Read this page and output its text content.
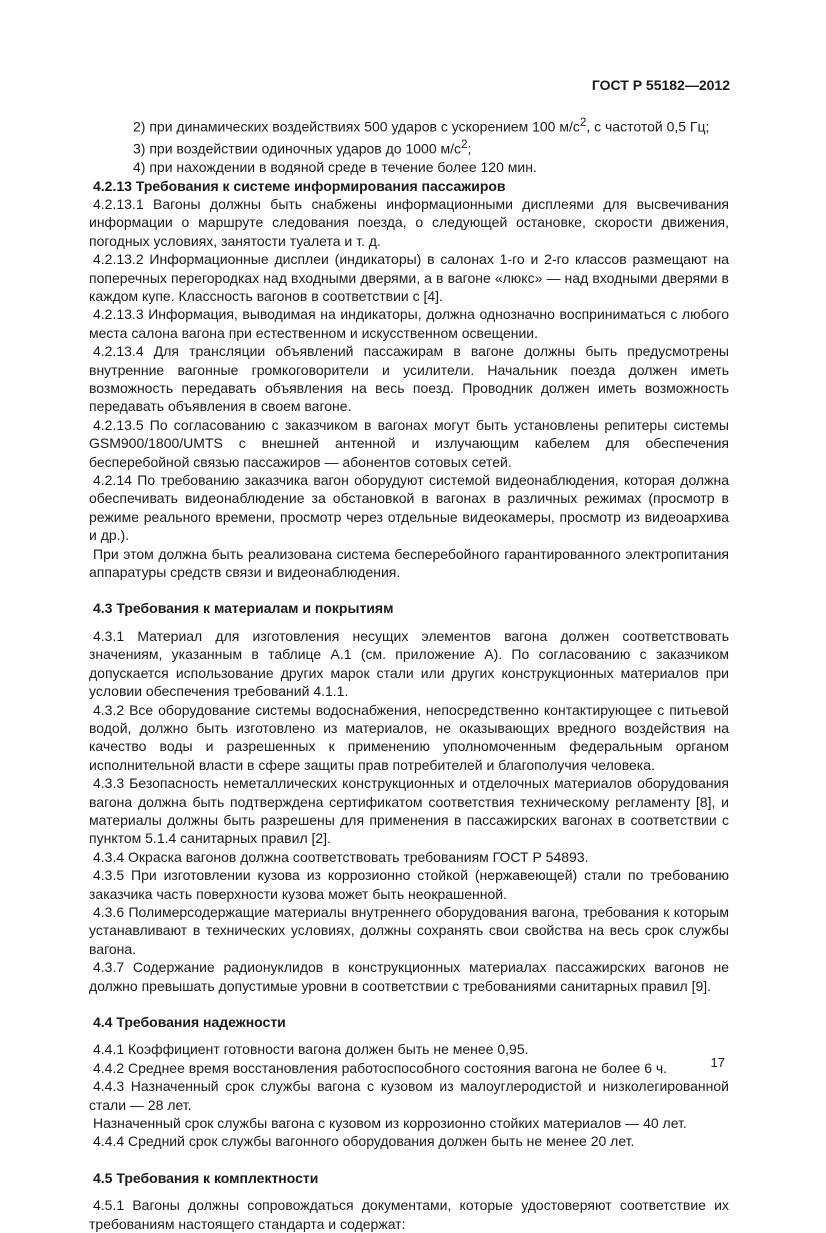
ГОСТ Р 55182—2012

2) при динамических воздействиях 500 ударов с ускорением 100 $м/с^2$, с частотой 0,5 Гц;

3) при воздействии одиночных ударов до 1000 $м/с^2$;

4) при нахождении в водяной среде в течение более 120 мин.

4.2.13 Требования к системе информирования пассажиров

4.2.13.1 Вагоны должны быть снабжены информационными дисплеями для высвечивания информации о маршруте следования поезда, о следующей остановке, скорости движения, погодных условиях, занятости туалета и т. д.

4.2.13.2 Информационные дисплеи (индикаторы) в салонах 1-го и 2-го классов размещают на поперечных перегородках над входными дверями, а в вагоне «люкс» — над входными дверями в каждом купе. Классность вагонов в соответствии с [4].

4.2.13.3 Информация, выводимая на индикаторы, должна однозначно восприниматься с любого места салона вагона при естественном и искусственном освещении.

4.2.13.4 Для трансляции объявлений пассажирам в вагоне должны быть предусмотрены внутренние вагонные громкоговорители и усилители. Начальник поезда должен иметь возможность передавать объявления на весь поезд. Проводник должен иметь возможность передавать объявления в своем вагоне.

4.2.13.5 По согласованию с заказчиком в вагонах могут быть установлены репитеры системы GSM900/1800/UMTS с внешней антенной и излучающим кабелем для обеспечения бесперебойной связью пассажиров — абонентов сотовых сетей.

4.2.14 По требованию заказчика вагон оборудуют системой видеонаблюдения, которая должна обеспечивать видеонаблюдение за обстановкой в вагонах в различных режимах (просмотр в режиме реального времени, просмотр через отдельные видеокамеры, просмотр из видеоархива и др.).

При этом должна быть реализована система бесперебойного гарантированного электропитания аппаратуры средств связи и видеонаблюдения.

4.3 Требования к материалам и покрытиям

4.3.1 Материал для изготовления несущих элементов вагона должен соответствовать значениям, указанным в таблице А.1 (см. приложение А). По согласованию с заказчиком допускается использование других марок стали или других конструкционных материалов при условии обеспечения требований 4.1.1.

4.3.2 Все оборудование системы водоснабжения, непосредственно контактирующее с питьевой водой, должно быть изготовлено из материалов, не оказывающих вредного воздействия на качество воды и разрешенных к применению уполномоченным федеральным органом исполнительной власти в сфере защиты прав потребителей и благополучия человека.

4.3.3 Безопасность неметаллических конструкционных и отделочных материалов оборудования вагона должна быть подтверждена сертификатом соответствия техническому регламенту [8], и материалы должны быть разрешены для применения в пассажирских вагонах в соответствии с пунктом 5.1.4 санитарных правил [2].

4.3.4 Окраска вагонов должна соответствовать требованиям ГОСТ Р 54893.

4.3.5 При изготовлении кузова из коррозионно стойкой (нержавеющей) стали по требованию заказчика часть поверхности кузова может быть неокрашенной.

4.3.6 Полимерсодержащие материалы внутреннего оборудования вагона, требования к которым устанавливают в технических условиях, должны сохранять свои свойства на весь срок службы вагона.

4.3.7 Содержание радионуклидов в конструкционных материалах пассажирских вагонов не должно превышать допустимые уровни в соответствии с требованиями санитарных правил [9].

4.4 Требования надежности

4.4.1 Коэффициент готовности вагона должен быть не менее 0,95.

4.4.2 Среднее время восстановления работоспособного состояния вагона не более 6 ч.

4.4.3 Назначенный срок службы вагона с кузовом из малоуглеродистой и низколегированной стали — 28 лет.

Назначенный срок службы вагона с кузовом из коррозионно стойких материалов — 40 лет.

4.4.4 Средний срок службы вагонного оборудования должен быть не менее 20 лет.

4.5 Требования к комплектности

4.5.1 Вагоны должны сопровождаться документами, которые удостоверяют соответствие их требованиям настоящего стандарта и содержат:

17
